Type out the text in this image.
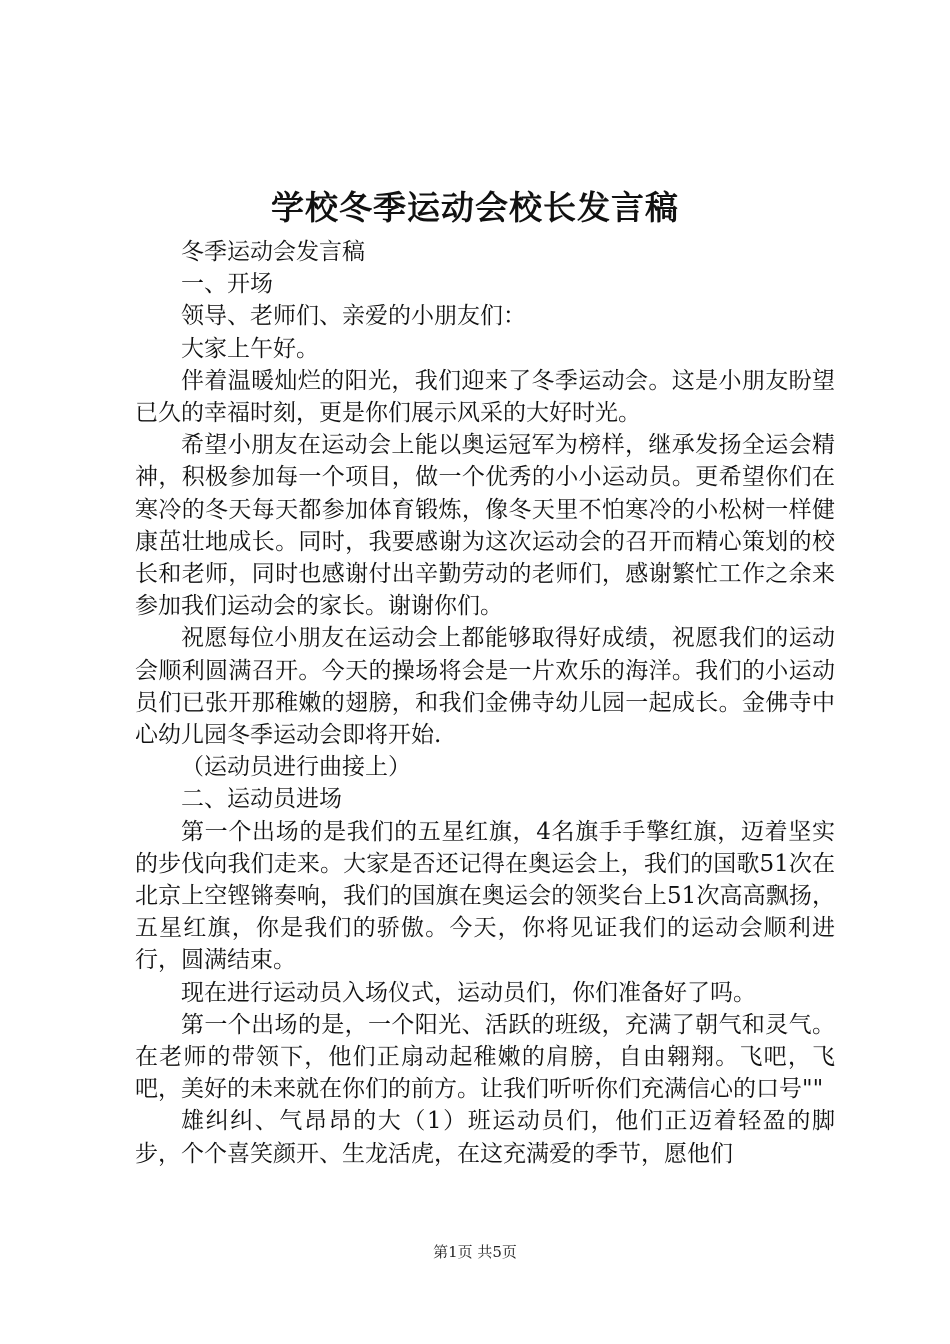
学校冬季运动会校长发言稿

冬季运动会发言稿

一、开场

领导、老师们、亲爱的小朋友们：

大家上午好。

伴着温暖灿烂的阳光，我们迎来了冬季运动会。这是小朋友盼望已久的幸福时刻，更是你们展示风采的大好时光。

希望小朋友在运动会上能以奥运冠军为榜样，继承发扬全运会精神，积极参加每一个项目，做一个优秀的小小运动员。更希望你们在寒冷的冬天每天都参加体育锻炼，像冬天里不怕寒冷的小松树一样健康茁壮地成长。同时，我要感谢为这次运动会的召开而精心策划的校长和老师，同时也感谢付出辛勤劳动的老师们，感谢繁忙工作之余来参加我们运动会的家长。谢谢你们。

祝愿每位小朋友在运动会上都能够取得好成绩，祝愿我们的运动会顺利圆满召开。今天的操场将会是一片欢乐的海洋。我们的小运动员们已张开那稚嫩的翅膀，和我们金佛寺幼儿园一起成长。金佛寺中心幼儿园冬季运动会即将开始.

（运动员进行曲接上）

二、运动员进场

第一个出场的是我们的五星红旗，4名旗手手擎红旗，迈着坚实的步伐向我们走来。大家是否还记得在奥运会上，我们的国歌51次在北京上空铿锵奏响，我们的国旗在奥运会的领奖台上51次高高飘扬，五星红旗，你是我们的骄傲。今天，你将见证我们的运动会顺利进行，圆满结束。

现在进行运动员入场仪式，运动员们，你们准备好了吗。

第一个出场的是，一个阳光、活跃的班级，充满了朝气和灵气。在老师的带领下，他们正扇动起稚嫩的肩膀，自由翱翔。飞吧，飞吧，美好的未来就在你们的前方。让我们听听你们充满信心的口号""

雄纠纠、气昂昂的大（1）班运动员们，他们正迈着轻盈的脚步，个个喜笑颜开、生龙活虎，在这充满爱的季节，愿他们

第1页 共5页
